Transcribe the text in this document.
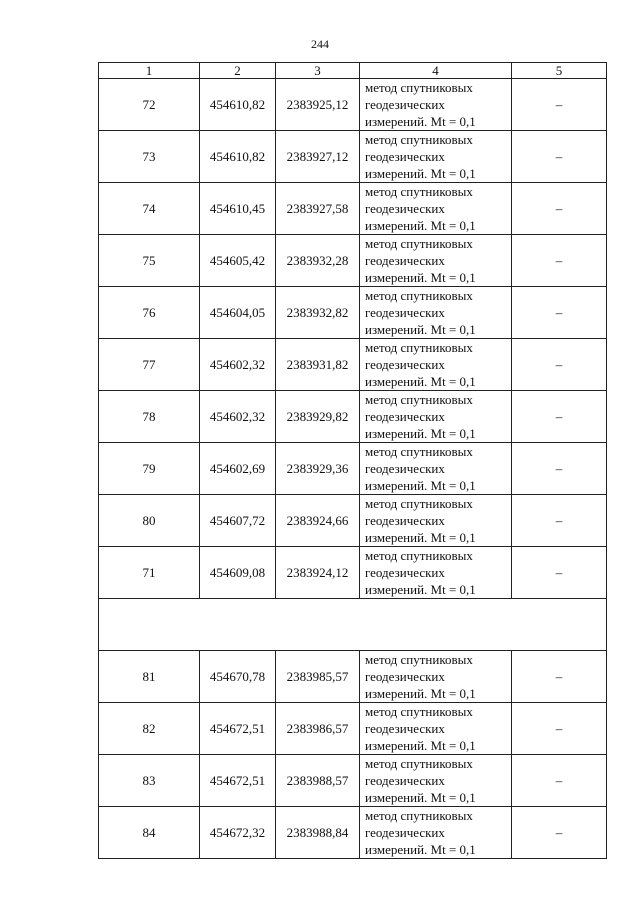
244
1	2	3	4	5
72	454610,82	2383925,12	метод спутниковых
геодезических
измерений. Mt = 0,1	–
73	454610,82	2383927,12	метод спутниковых
геодезических
измерений. Mt = 0,1	–
74	454610,45	2383927,58	метод спутниковых
геодезических
измерений. Mt = 0,1	–
75	454605,42	2383932,28	метод спутниковых
геодезических
измерений. Mt = 0,1	–
76	454604,05	2383932,82	метод спутниковых
геодезических
измерений. Mt = 0,1	–
77	454602,32	2383931,82	метод спутниковых
геодезических
измерений. Mt = 0,1	–
78	454602,32	2383929,82	метод спутниковых
геодезических
измерений. Mt = 0,1	–
79	454602,69	2383929,36	метод спутниковых
геодезических
измерений. Mt = 0,1	–
80	454607,72	2383924,66	метод спутниковых
геодезических
измерений. Mt = 0,1	–
71	454609,08	2383924,12	метод спутниковых
геодезических
измерений. Mt = 0,1	–

81	454670,78	2383985,57	метод спутниковых
геодезических
измерений. Mt = 0,1	–
82	454672,51	2383986,57	метод спутниковых
геодезических
измерений. Mt = 0,1	–
83	454672,51	2383988,57	метод спутниковых
геодезических
измерений. Mt = 0,1	–
84	454672,32	2383988,84	метод спутниковых
геодезических
измерений. Mt = 0,1	–
